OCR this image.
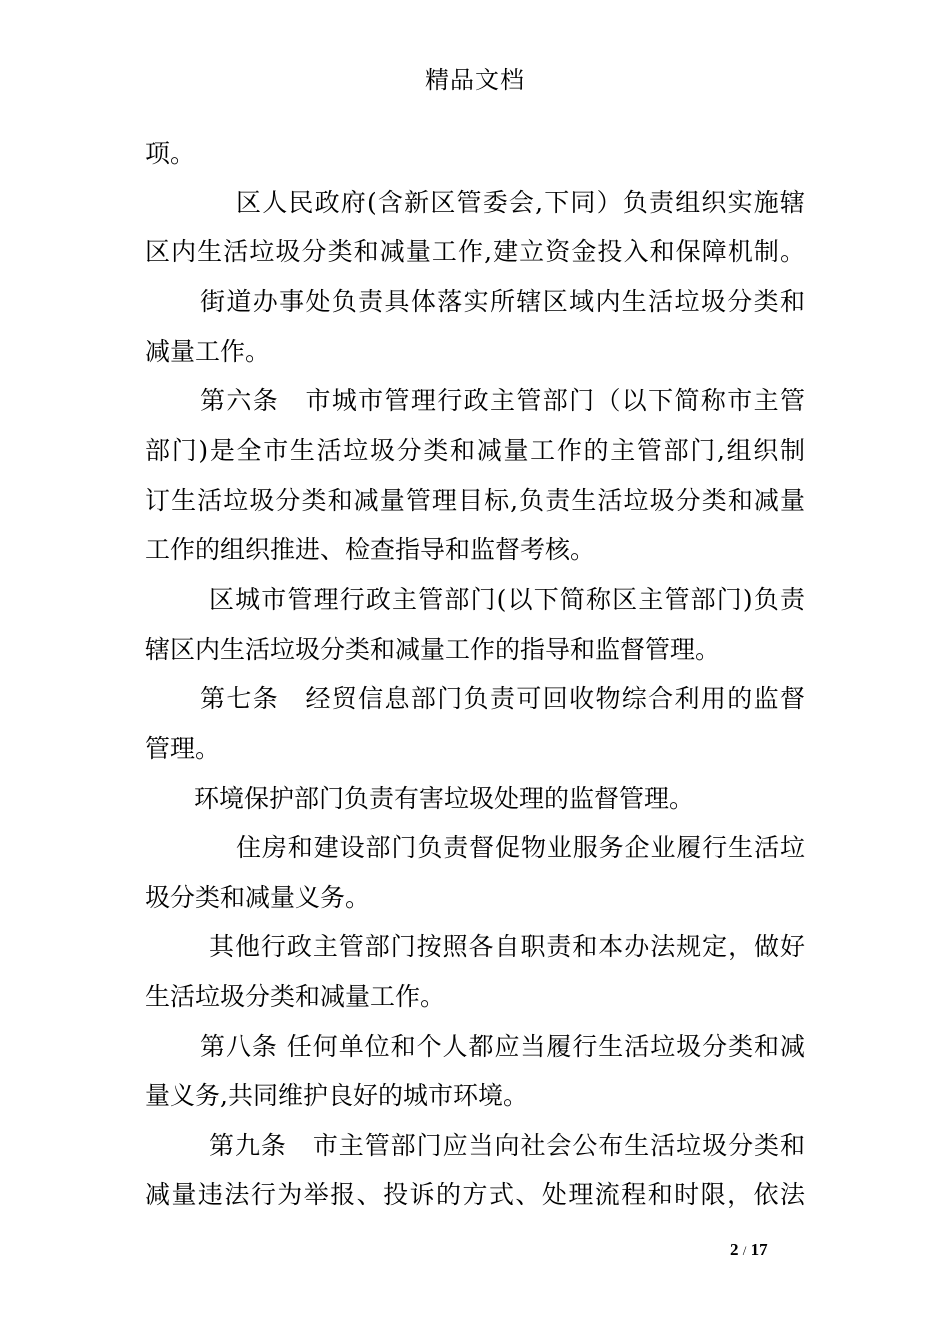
精品文档
项。
区人民政府(含新区管委会,下同）负责组织实施辖
区内生活垃圾分类和减量工作,建立资金投入和保障机制。
街道办事处负责具体落实所辖区域内生活垃圾分类和
减量工作。
第六条　市城市管理行政主管部门（以下简称市主管
部门)是全市生活垃圾分类和减量工作的主管部门,组织制
订生活垃圾分类和减量管理目标,负责生活垃圾分类和减量
工作的组织推进、检查指导和监督考核。
区城市管理行政主管部门(以下简称区主管部门)负责
辖区内生活垃圾分类和减量工作的指导和监督管理。
第七条　经贸信息部门负责可回收物综合利用的监督
管理。
环境保护部门负责有害垃圾处理的监督管理。
住房和建设部门负责督促物业服务企业履行生活垃
圾分类和减量义务。
其他行政主管部门按照各自职责和本办法规定，做好
生活垃圾分类和减量工作。
第八条 任何单位和个人都应当履行生活垃圾分类和减
量义务,共同维护良好的城市环境。
第九条　市主管部门应当向社会公布生活垃圾分类和
减量违法行为举报、投诉的方式、处理流程和时限，依法
2 / 17
